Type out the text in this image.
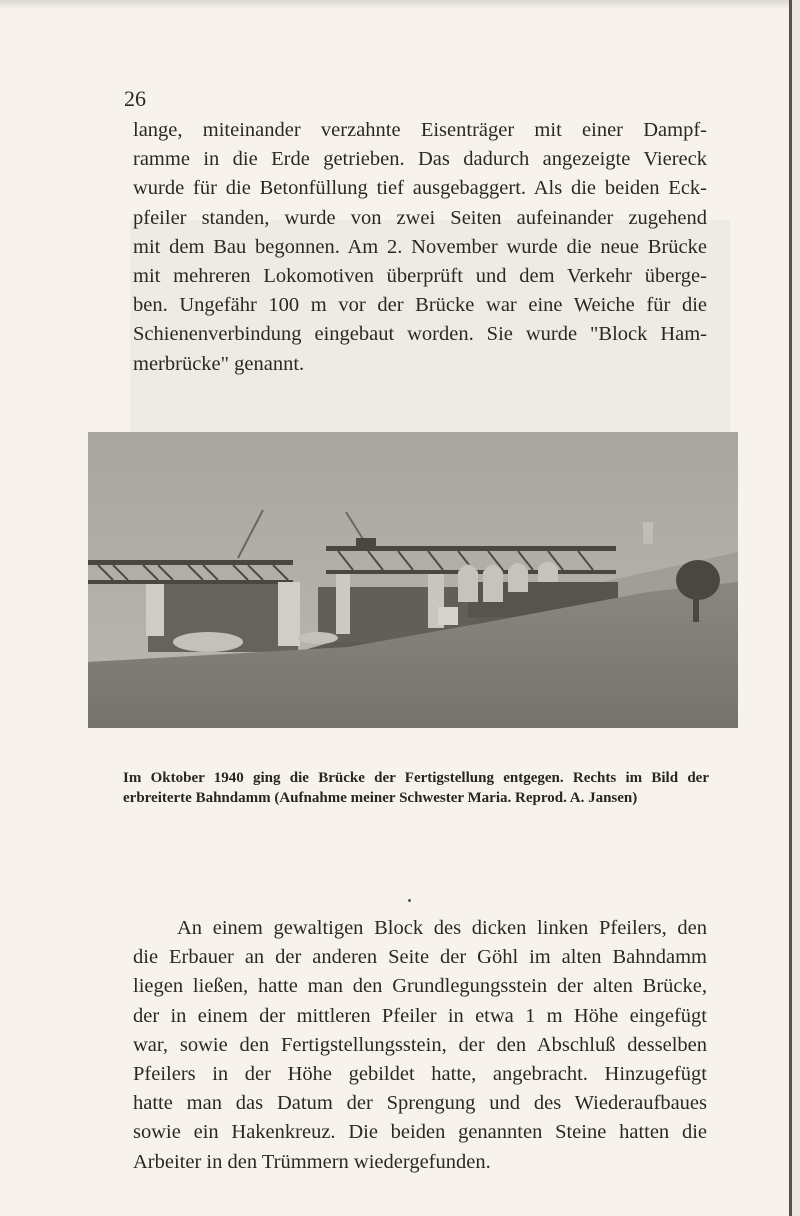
26

lange, miteinander verzahnte Eisenträger mit einer Dampf-
ramme in die Erde getrieben. Das dadurch angezeigte Viereck
wurde für die Betonfüllung tief ausgebaggert. Als die beiden Eck-
pfeiler standen, wurde von zwei Seiten aufeinander zugehend
mit dem Bau begonnen. Am 2. November wurde die neue Brücke
mit mehreren Lokomotiven überprüft und dem Verkehr überge-
ben. Ungefähr 100 m vor der Brücke war eine Weiche für die
Schienenverbindung eingebaut worden. Sie wurde "Block Ham-
merbrücke" genannt.

Im Oktober 1940 ging die Brücke der Fertigstellung entgegen. Rechts im Bild der
erbreiterte Bahndamm (Aufnahme meiner Schwester Maria. Reprod. A. Jansen)

An einem gewaltigen Block des dicken linken Pfeilers, den
die Erbauer an der anderen Seite der Göhl im alten Bahndamm
liegen ließen, hatte man den Grundlegungsstein der alten Brücke,
der in einem der mittleren Pfeiler in etwa 1 m Höhe eingefügt
war, sowie den Fertigstellungsstein, der den Abschluß desselben
Pfeilers in der Höhe gebildet hatte, angebracht. Hinzugefügt
hatte man das Datum der Sprengung und des Wiederaufbaues
sowie ein Hakenkreuz. Die beiden genannten Steine hatten die
Arbeiter in den Trümmern wiedergefunden.
